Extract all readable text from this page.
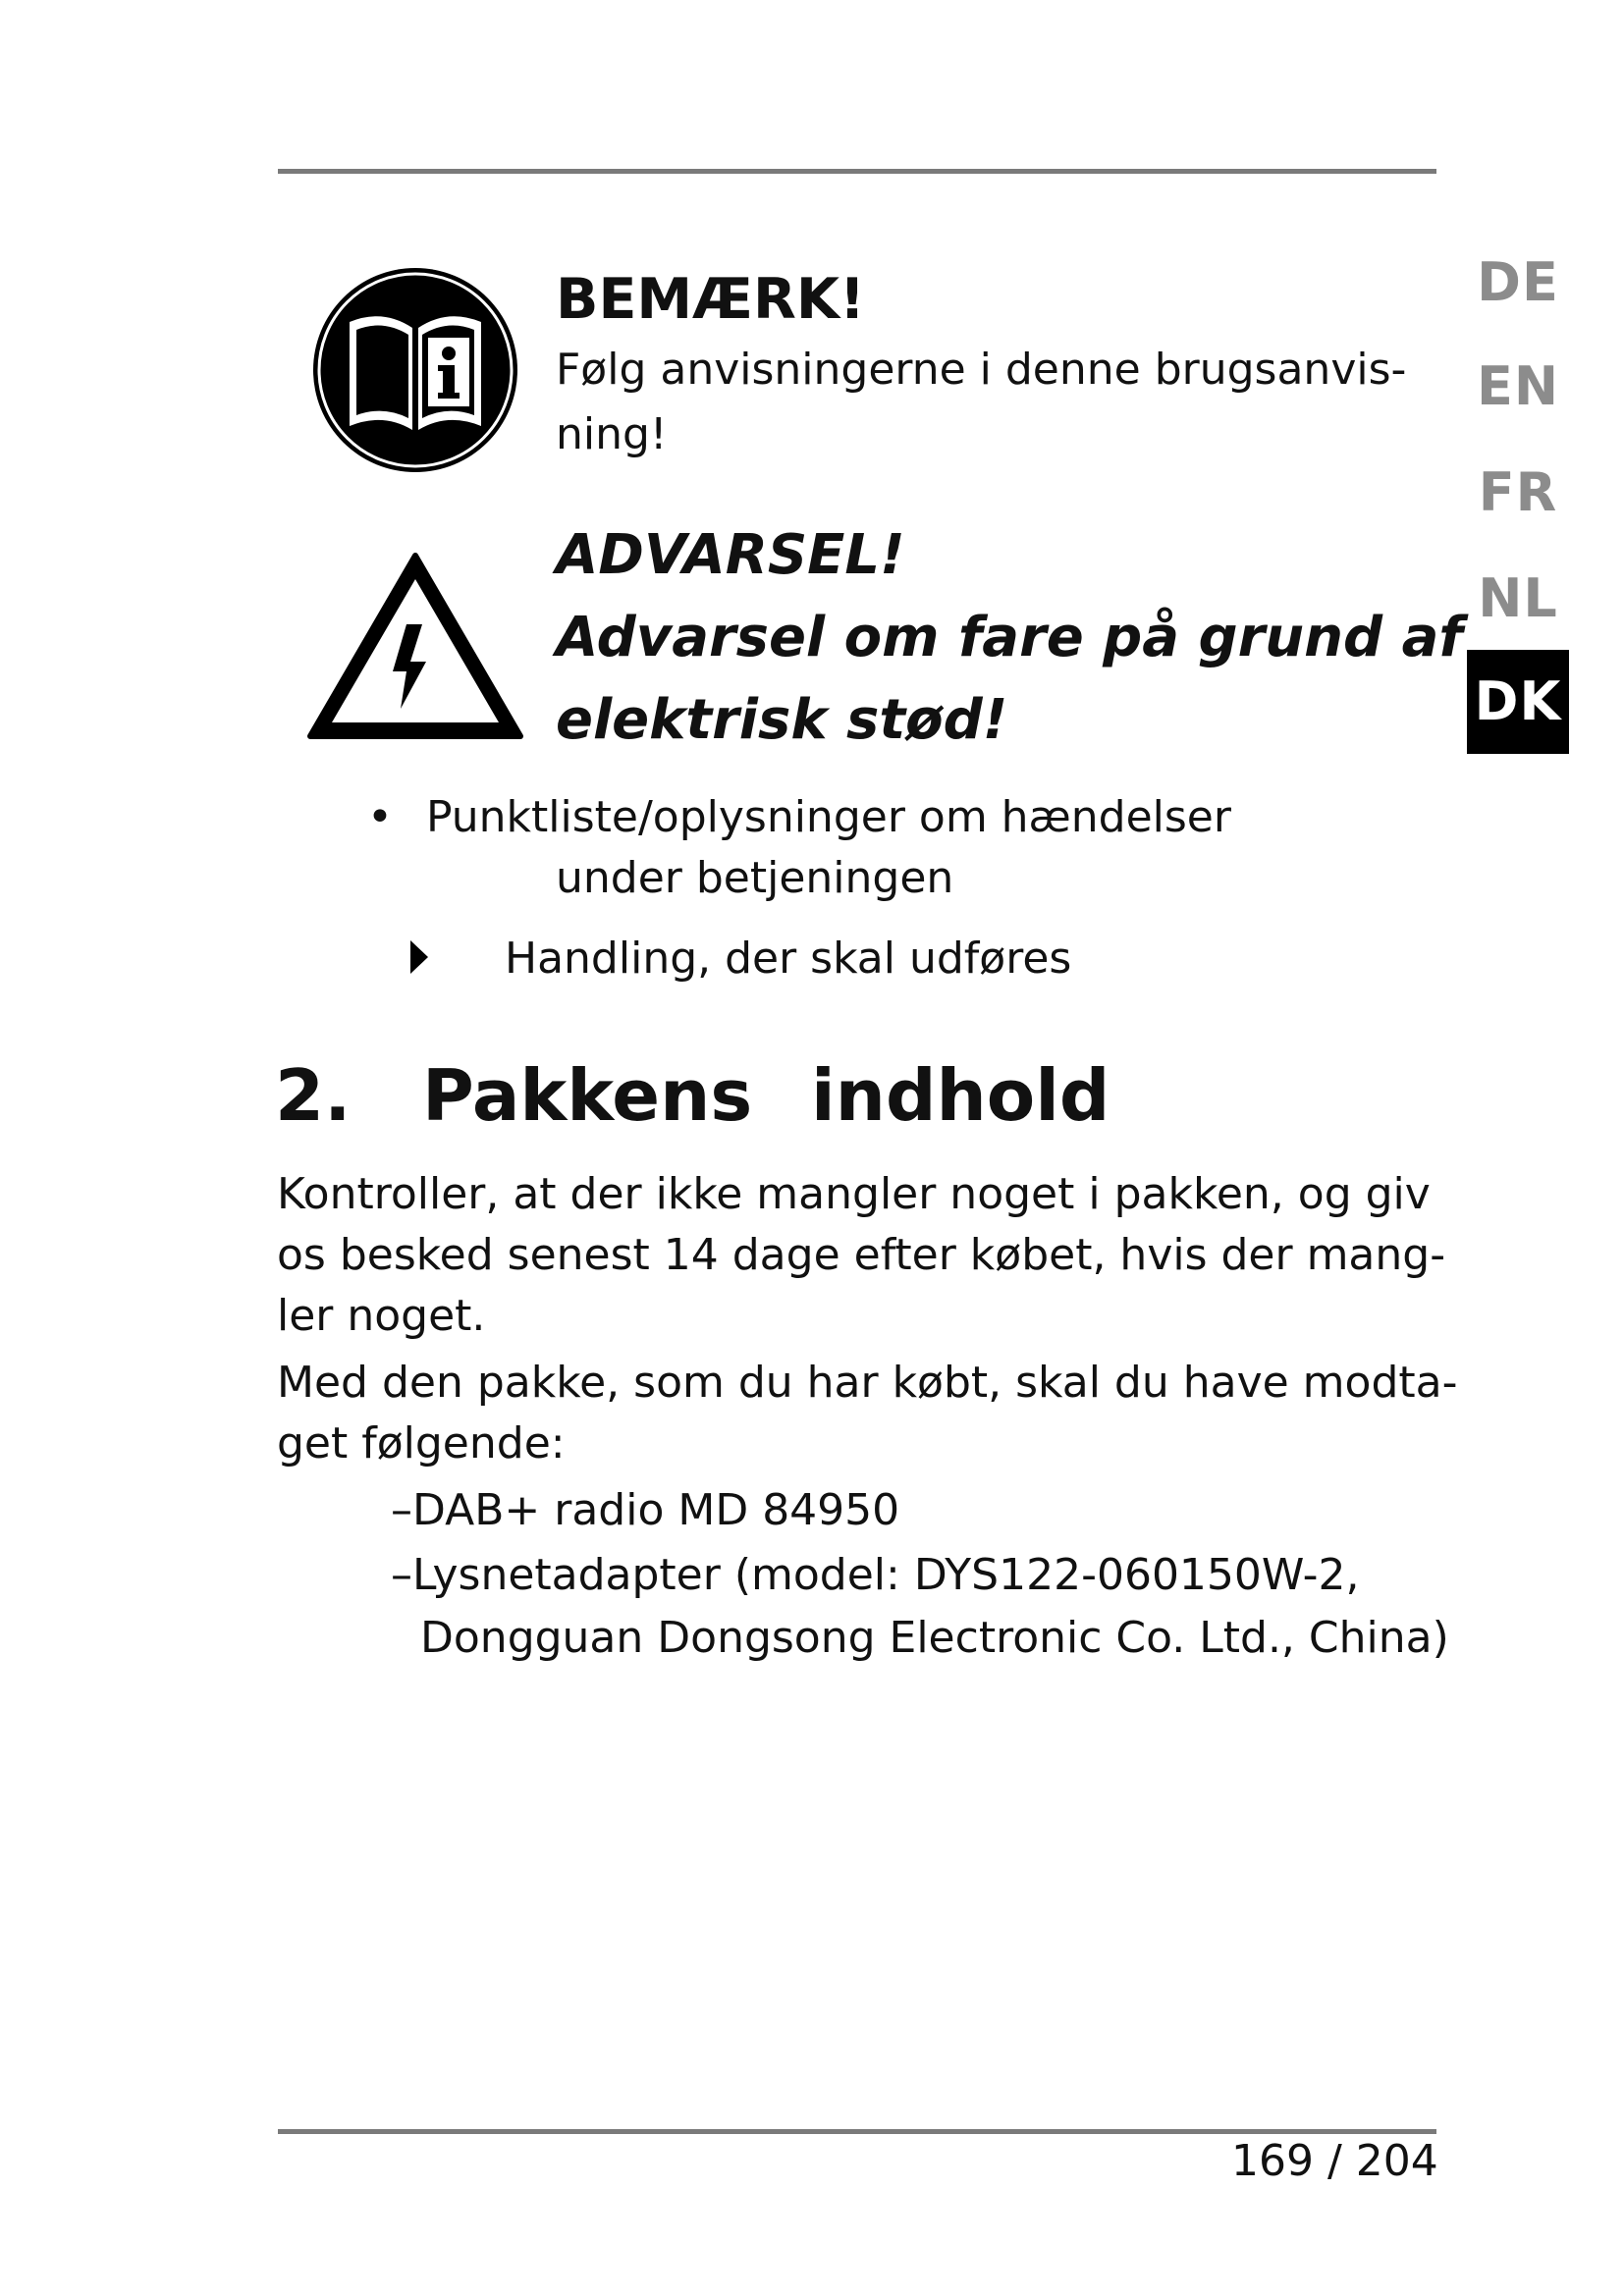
DE
EN
FR
NL
DK
BEMÆRK!
Følg anvisningerne i denne brugsanvis-
ning!
ADVARSEL!
Advarsel om fare på grund af
elektrisk stød!
• Punktliste/oplysninger om hændelser
under betjeningen
Handling, der skal udføres
2. Pakkens indhold
Kontroller, at der ikke mangler noget i pakken, og giv
os besked senest 14 dage efter købet, hvis der mang-
ler noget.
Med den pakke, som du har købt, skal du have modta-
get følgende:
–DAB+ radio MD 84950
–Lysnetadapter (model: DYS122-060150W-2,
Dongguan Dongsong Electronic Co. Ltd., China)
169 / 204
